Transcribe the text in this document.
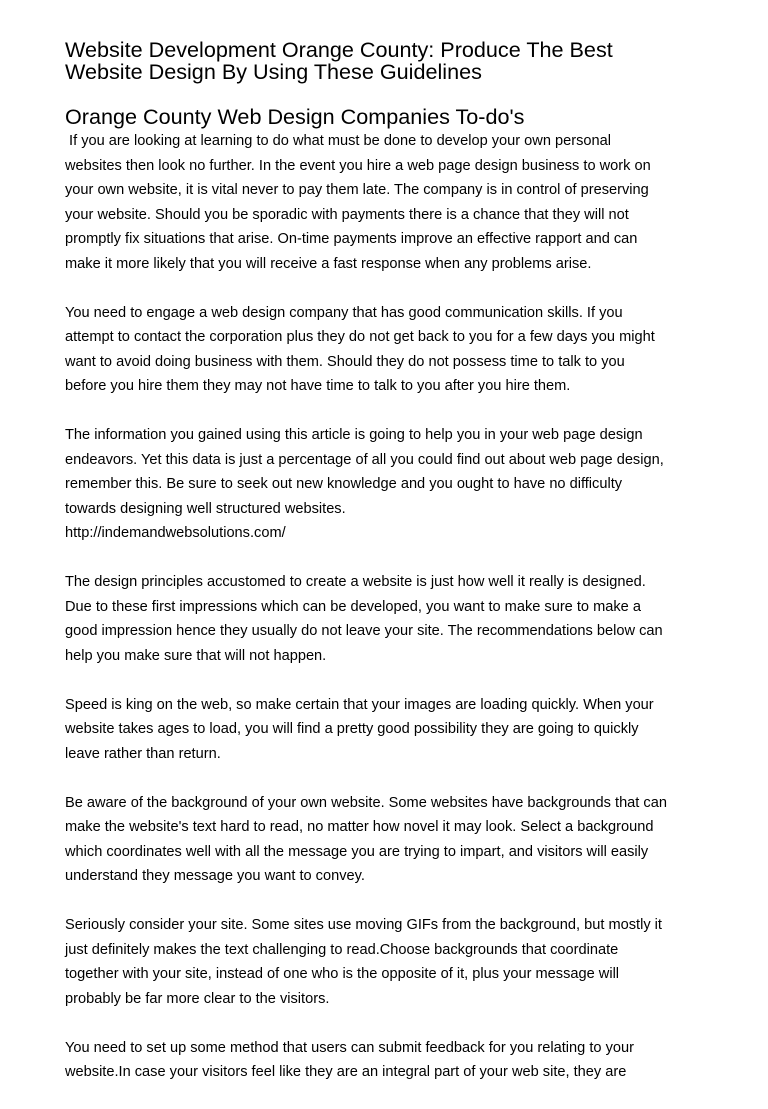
Website Development Orange County: Produce The Best
Website Design By Using These Guidelines
Orange County Web Design Companies To-do's

If you are looking at learning to do what must be done to develop your own personal
websites then look no further. In the event you hire a web page design business to work on
your own website, it is vital never to pay them late. The company is in control of preserving
your website. Should you be sporadic with payments there is a chance that they will not
promptly fix situations that arise. On-time payments improve an effective rapport and can
make it more likely that you will receive a fast response when any problems arise.

You need to engage a web design company that has good communication skills. If you
attempt to contact the corporation plus they do not get back to you for a few days you might
want to avoid doing business with them. Should they do not possess time to talk to you
before you hire them they may not have time to talk to you after you hire them.

The information you gained using this article is going to help you in your web page design
endeavors. Yet this data is just a percentage of all you could find out about web page design,
remember this. Be sure to seek out new knowledge and you ought to have no difficulty
towards designing well structured websites.
http://indemandwebsolutions.com/

The design principles accustomed to create a website is just how well it really is designed.
Due to these first impressions which can be developed, you want to make sure to make a
good impression hence they usually do not leave your site. The recommendations below can
help you make sure that will not happen.

Speed is king on the web, so make certain that your images are loading quickly. When your
website takes ages to load, you will find a pretty good possibility they are going to quickly
leave rather than return.

Be aware of the background of your own website. Some websites have backgrounds that can
make the website's text hard to read, no matter how novel it may look. Select a background
which coordinates well with all the message you are trying to impart, and visitors will easily
understand they message you want to convey.

Seriously consider your site. Some sites use moving GIFs from the background, but mostly it
just definitely makes the text challenging to read.Choose backgrounds that coordinate
together with your site, instead of one who is the opposite of it, plus your message will
probably be far more clear to the visitors.

You need to set up some method that users can submit feedback for you relating to your
website.In case your visitors feel like they are an integral part of your web site, they are
